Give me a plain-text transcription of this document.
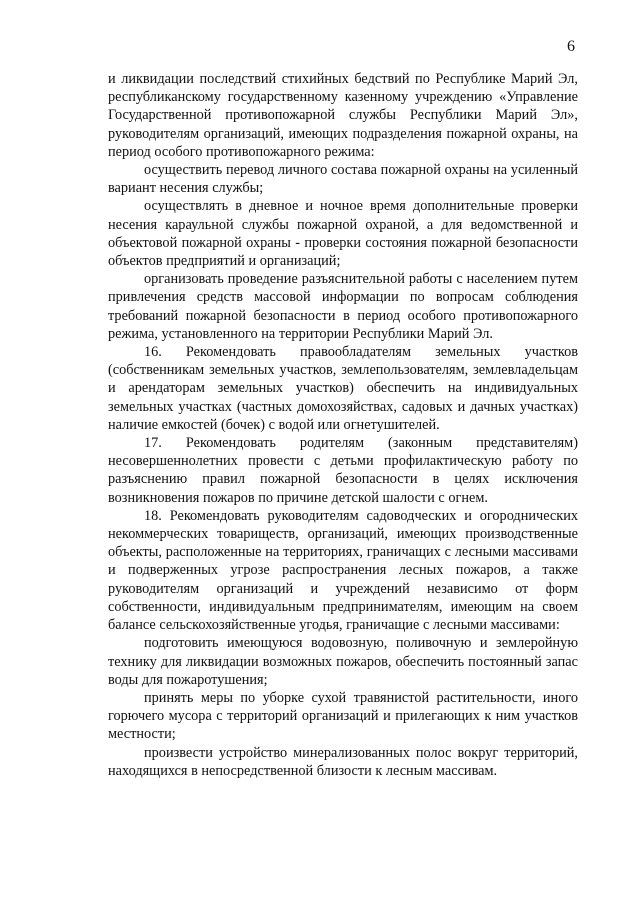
6

и ликвидации последствий стихийных бедствий по Республике Марий Эл, республиканскому государственному казенному учреждению «Управление Государственной противопожарной службы Республики Марий Эл», руководителям организаций, имеющих подразделения пожарной охраны, на период особого противопожарного режима:

осуществить перевод личного состава пожарной охраны на усиленный вариант несения службы;

осуществлять в дневное и ночное время дополнительные проверки несения караульной службы пожарной охраной, а для ведомственной и объектовой пожарной охраны - проверки состояния пожарной безопасности объектов предприятий и организаций;

организовать проведение разъяснительной работы с населением путем привлечения средств массовой информации по вопросам соблюдения требований пожарной безопасности в период особого противопожарного режима, установленного на территории Республики Марий Эл.

16. Рекомендовать правообладателям земельных участков (собственникам земельных участков, землепользователям, землевладельцам и арендаторам земельных участков) обеспечить на индивидуальных земельных участках (частных домохозяйствах, садовых и дачных участках) наличие емкостей (бочек) с водой или огнетушителей.

17. Рекомендовать родителям (законным представителям) несовершеннолетних провести с детьми профилактическую работу по разъяснению правил пожарной безопасности в целях исключения возникновения пожаров по причине детской шалости с огнем.

18. Рекомендовать руководителям садоводческих и огороднических некоммерческих товариществ, организаций, имеющих производственные объекты, расположенные на территориях, граничащих с лесными массивами и подверженных угрозе распространения лесных пожаров, а также руководителям организаций и учреждений независимо от форм собственности, индивидуальным предпринимателям, имеющим на своем балансе сельскохозяйственные угодья, граничащие с лесными массивами:

подготовить имеющуюся водовозную, поливочную и землеройную технику для ликвидации возможных пожаров, обеспечить постоянный запас воды для пожаротушения;

принять меры по уборке сухой травянистой растительности, иного горючего мусора с территорий организаций и прилегающих к ним участков местности;

произвести устройство минерализованных полос вокруг территорий, находящихся в непосредственной близости к лесным массивам.
